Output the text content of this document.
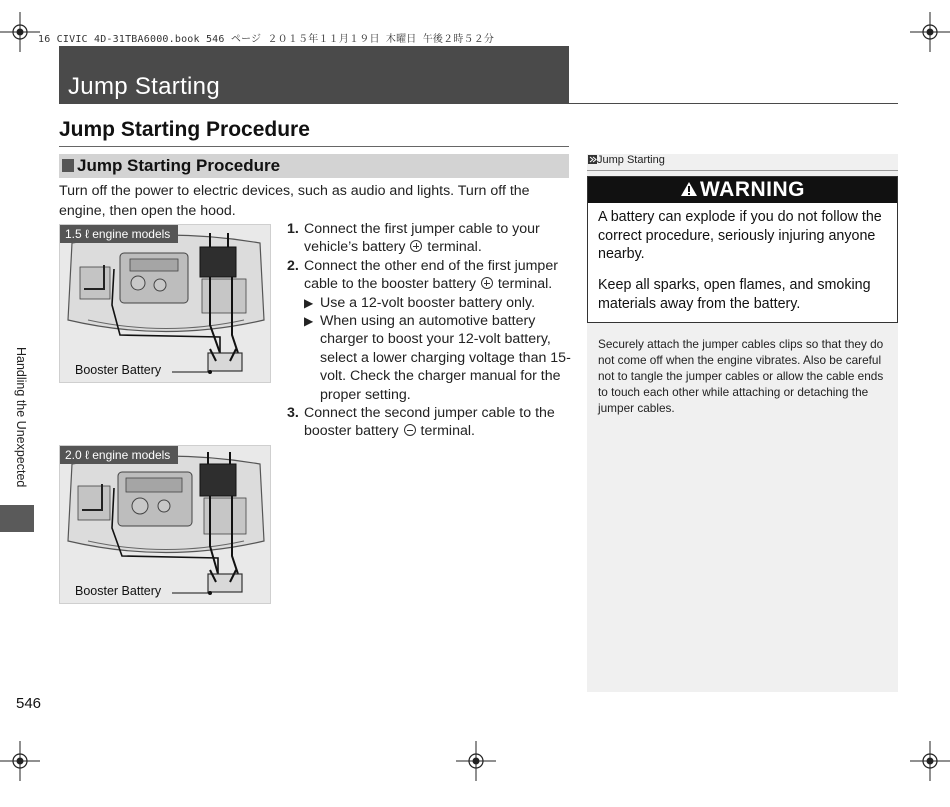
16 CIVIC 4D-31TBA6000.book 546 ページ ２０１５年１１月１９日 木曜日 午後２時５２分
Jump Starting
Jump Starting Procedure
Jump Starting Procedure
Turn off the power to electric devices, such as audio and lights. Turn off the engine, then open the hood.
1.5 ℓ engine models
Booster Battery
2.0 ℓ engine models
Booster Battery
1. Connect the first jumper cable to your vehicle’s battery terminal.
2. Connect the other end of the first jumper cable to the booster battery terminal.
▶ Use a 12-volt booster battery only.
▶ When using an automotive battery charger to boost your 12-volt battery, select a lower charging voltage than 15-volt. Check the charger manual for the proper setting.
3. Connect the second jumper cable to the booster battery terminal.
Jump Starting
WARNING
A battery can explode if you do not follow the correct procedure, seriously injuring anyone nearby.
Keep all sparks, open flames, and smoking materials away from the battery.
Securely attach the jumper cables clips so that they do not come off when the engine vibrates. Also be careful not to tangle the jumper cables or allow the cable ends to touch each other while attaching or detaching the jumper cables.
Handling the Unexpected
546
